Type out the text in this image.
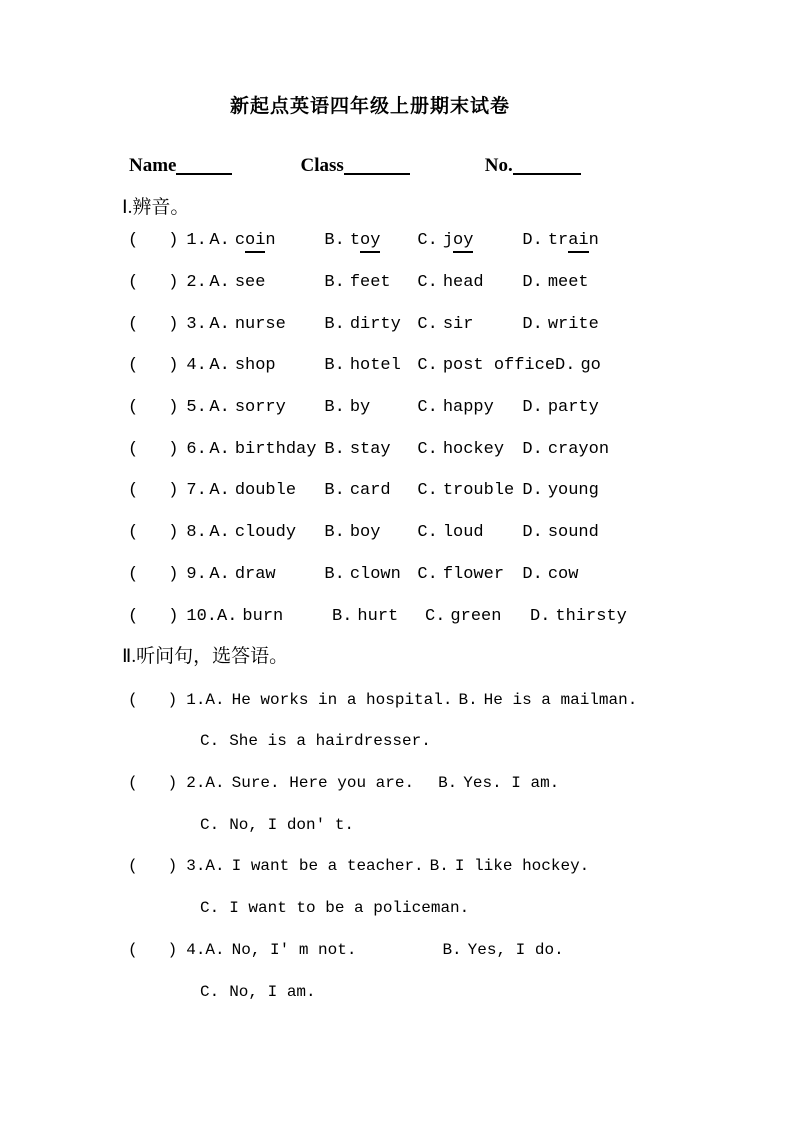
新起点英语四年级上册期末试卷
Name	Class	No.
Ⅰ.辨音。
( ) 1. A. coin	B. toy C. joy	D. train
( ) 2. A. see	B. feet C. head D. meet
( ) 3. A. nurse B. dirty C. sir	D. write
( ) 4. A. shop	B. hotel C. post office D. go
( ) 5. A. sorry B. by	C. happy D. party
( ) 6. A. birthday B. stay C. hockey D. crayon
( ) 7. A. double B. card C. trouble D. young
( ) 8. A. cloudy B. boy C. loud D. sound
( ) 9. A. draw	B. clown C. flower D. cow
( ) 10. A. burn	B. hurt C. green D. thirsty
Ⅱ.听问句，选答语。
( ) 1.A. He works in a hospital. B. He is a mailman.
C. She is a hairdresser.
( ) 2.A. Sure. Here you are. B. Yes. I am.
C. No, I don' t.
( ) 3.A. I want be a teacher. B. I like hockey.
C. I want to be a policeman.
( ) 4.A. No, I' m not.	B. Yes, I do.
C. No, I am.
